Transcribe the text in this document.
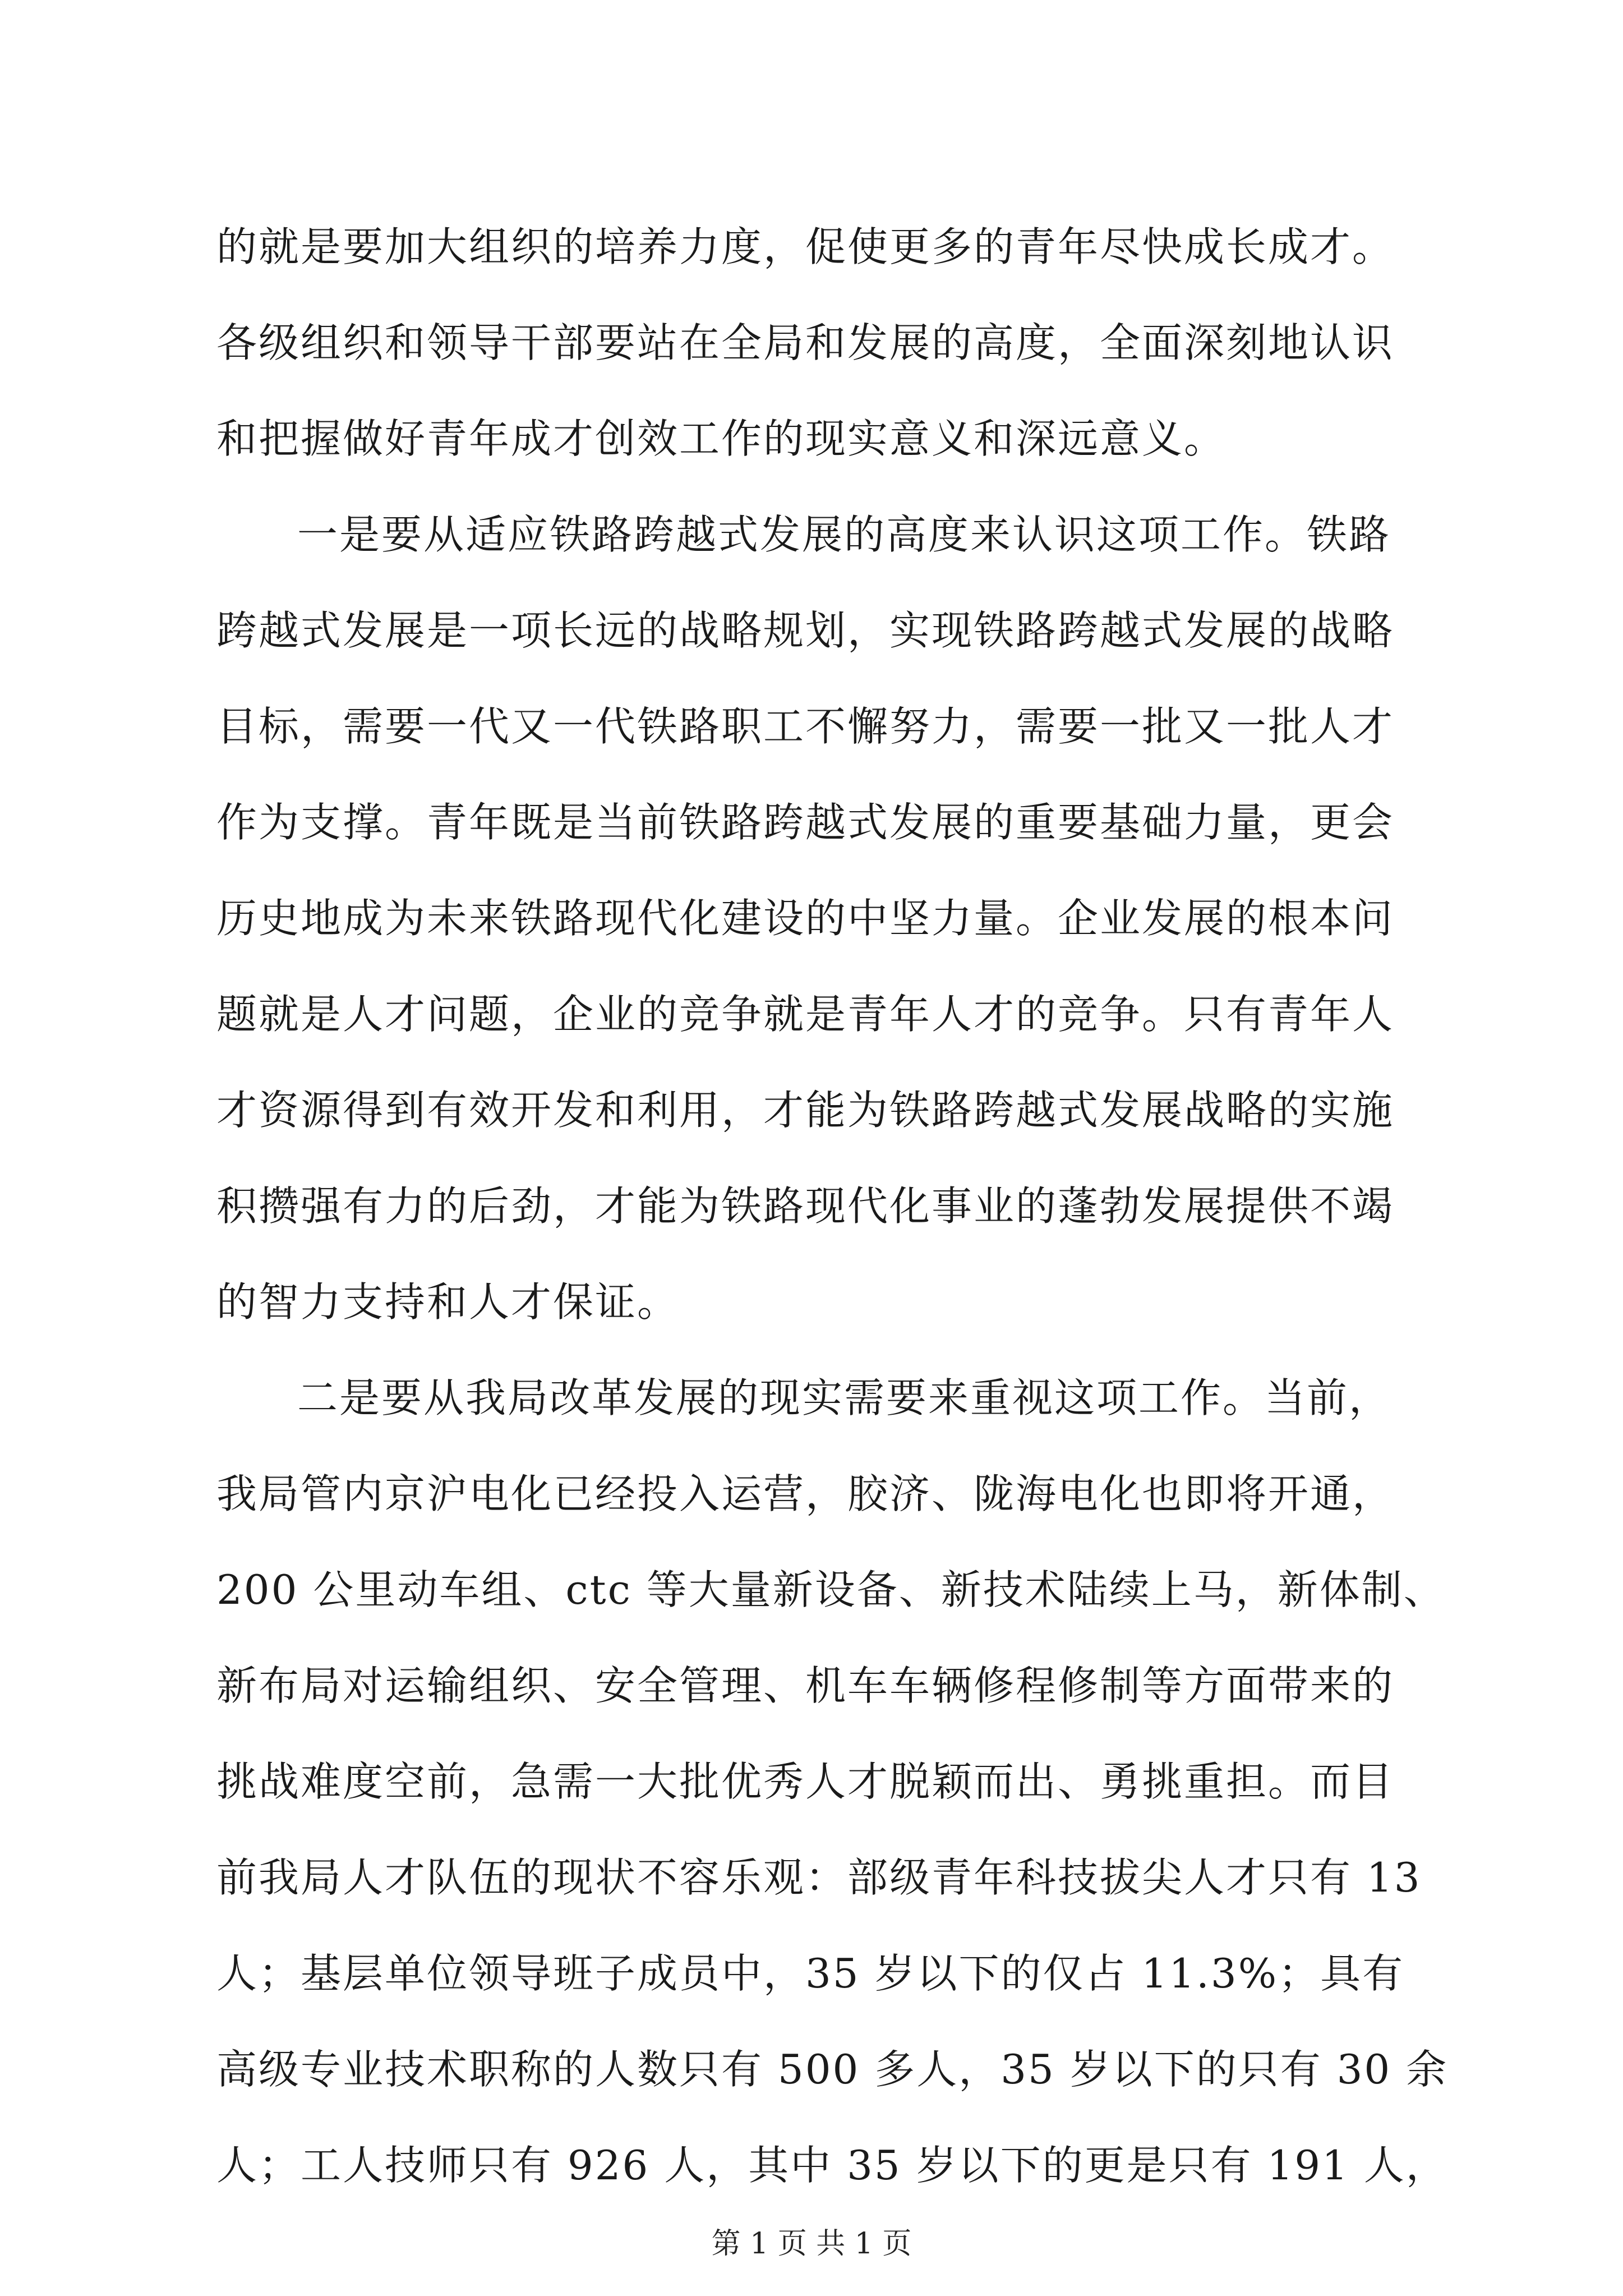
的就是要加大组织的培养力度，促使更多的青年尽快成长成才。
各级组织和领导干部要站在全局和发展的高度，全面深刻地认识
和把握做好青年成才创效工作的现实意义和深远意义。
一是要从适应铁路跨越式发展的高度来认识这项工作。铁路
跨越式发展是一项长远的战略规划，实现铁路跨越式发展的战略
目标，需要一代又一代铁路职工不懈努力，需要一批又一批人才
作为支撑。青年既是当前铁路跨越式发展的重要基础力量，更会
历史地成为未来铁路现代化建设的中坚力量。企业发展的根本问
题就是人才问题，企业的竞争就是青年人才的竞争。只有青年人
才资源得到有效开发和利用，才能为铁路跨越式发展战略的实施
积攒强有力的后劲，才能为铁路现代化事业的蓬勃发展提供不竭
的智力支持和人才保证。
二是要从我局改革发展的现实需要来重视这项工作。当前，
我局管内京沪电化已经投入运营，胶济、陇海电化也即将开通，
200 公里动车组、ctc 等大量新设备、新技术陆续上马，新体制、
新布局对运输组织、安全管理、机车车辆修程修制等方面带来的
挑战难度空前，急需一大批优秀人才脱颖而出、勇挑重担。而目
前我局人才队伍的现状不容乐观：部级青年科技拔尖人才只有 13
人；基层单位领导班子成员中，35 岁以下的仅占 11.3%；具有
高级专业技术职称的人数只有 500 多人，35 岁以下的只有 30 余
人；工人技师只有 926 人，其中 35 岁以下的更是只有 191 人，
第 1 页 共 1 页
